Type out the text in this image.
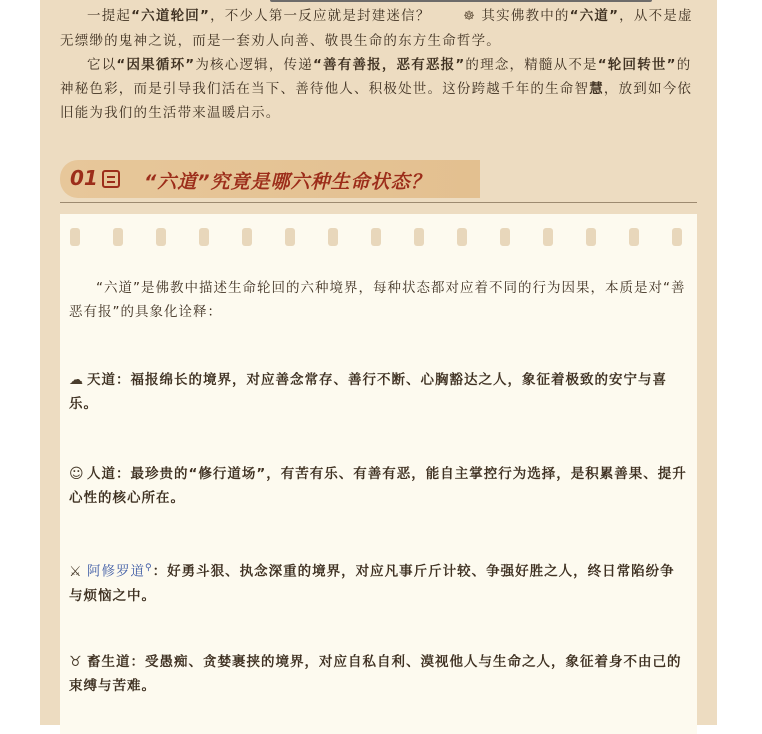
一提起“六道轮回”，不少人第一反应就是封建迷信？	☸ 其实佛教中的“六道”，从不是虚无缥缈的鬼神之说，而是一套劝人向善、敬畏生命的东方生命哲学。

它以“因果循环”为核心逻辑，传递“善有善报，恶有恶报”的理念，精髓从不是“轮回转世”的神秘色彩，而是引导我们活在当下、善待他人、积极处世。这份跨越千年的生命智慧，放到如今依旧能为我们的生活带来温暖启示。

01 “六道”究竟是哪六种生命状态？

“六道”是佛教中描述生命轮回的六种境界，每种状态都对应着不同的行为因果，本质是对“善恶有报”的具象化诠释：

☁ 天道：福报绵长的境界，对应善念常存、善行不断、心胸豁达之人，象征着极致的安宁与喜乐。
☺ 人道：最珍贵的“修行道场”，有苦有乐、有善有恶，能自主掌控行为选择，是积累善果、提升心性的核心所在。
⚔ 阿修罗道⚲：好勇斗狠、执念深重的境界，对应凡事斤斤计较、争强好胜之人，终日常陷纷争与烦恼之中。
♉ 畜生道：受愚痴、贪婪裹挟的境界，对应自私自利、漠视他人与生命之人，象征着身不由己的束缚与苦难。
